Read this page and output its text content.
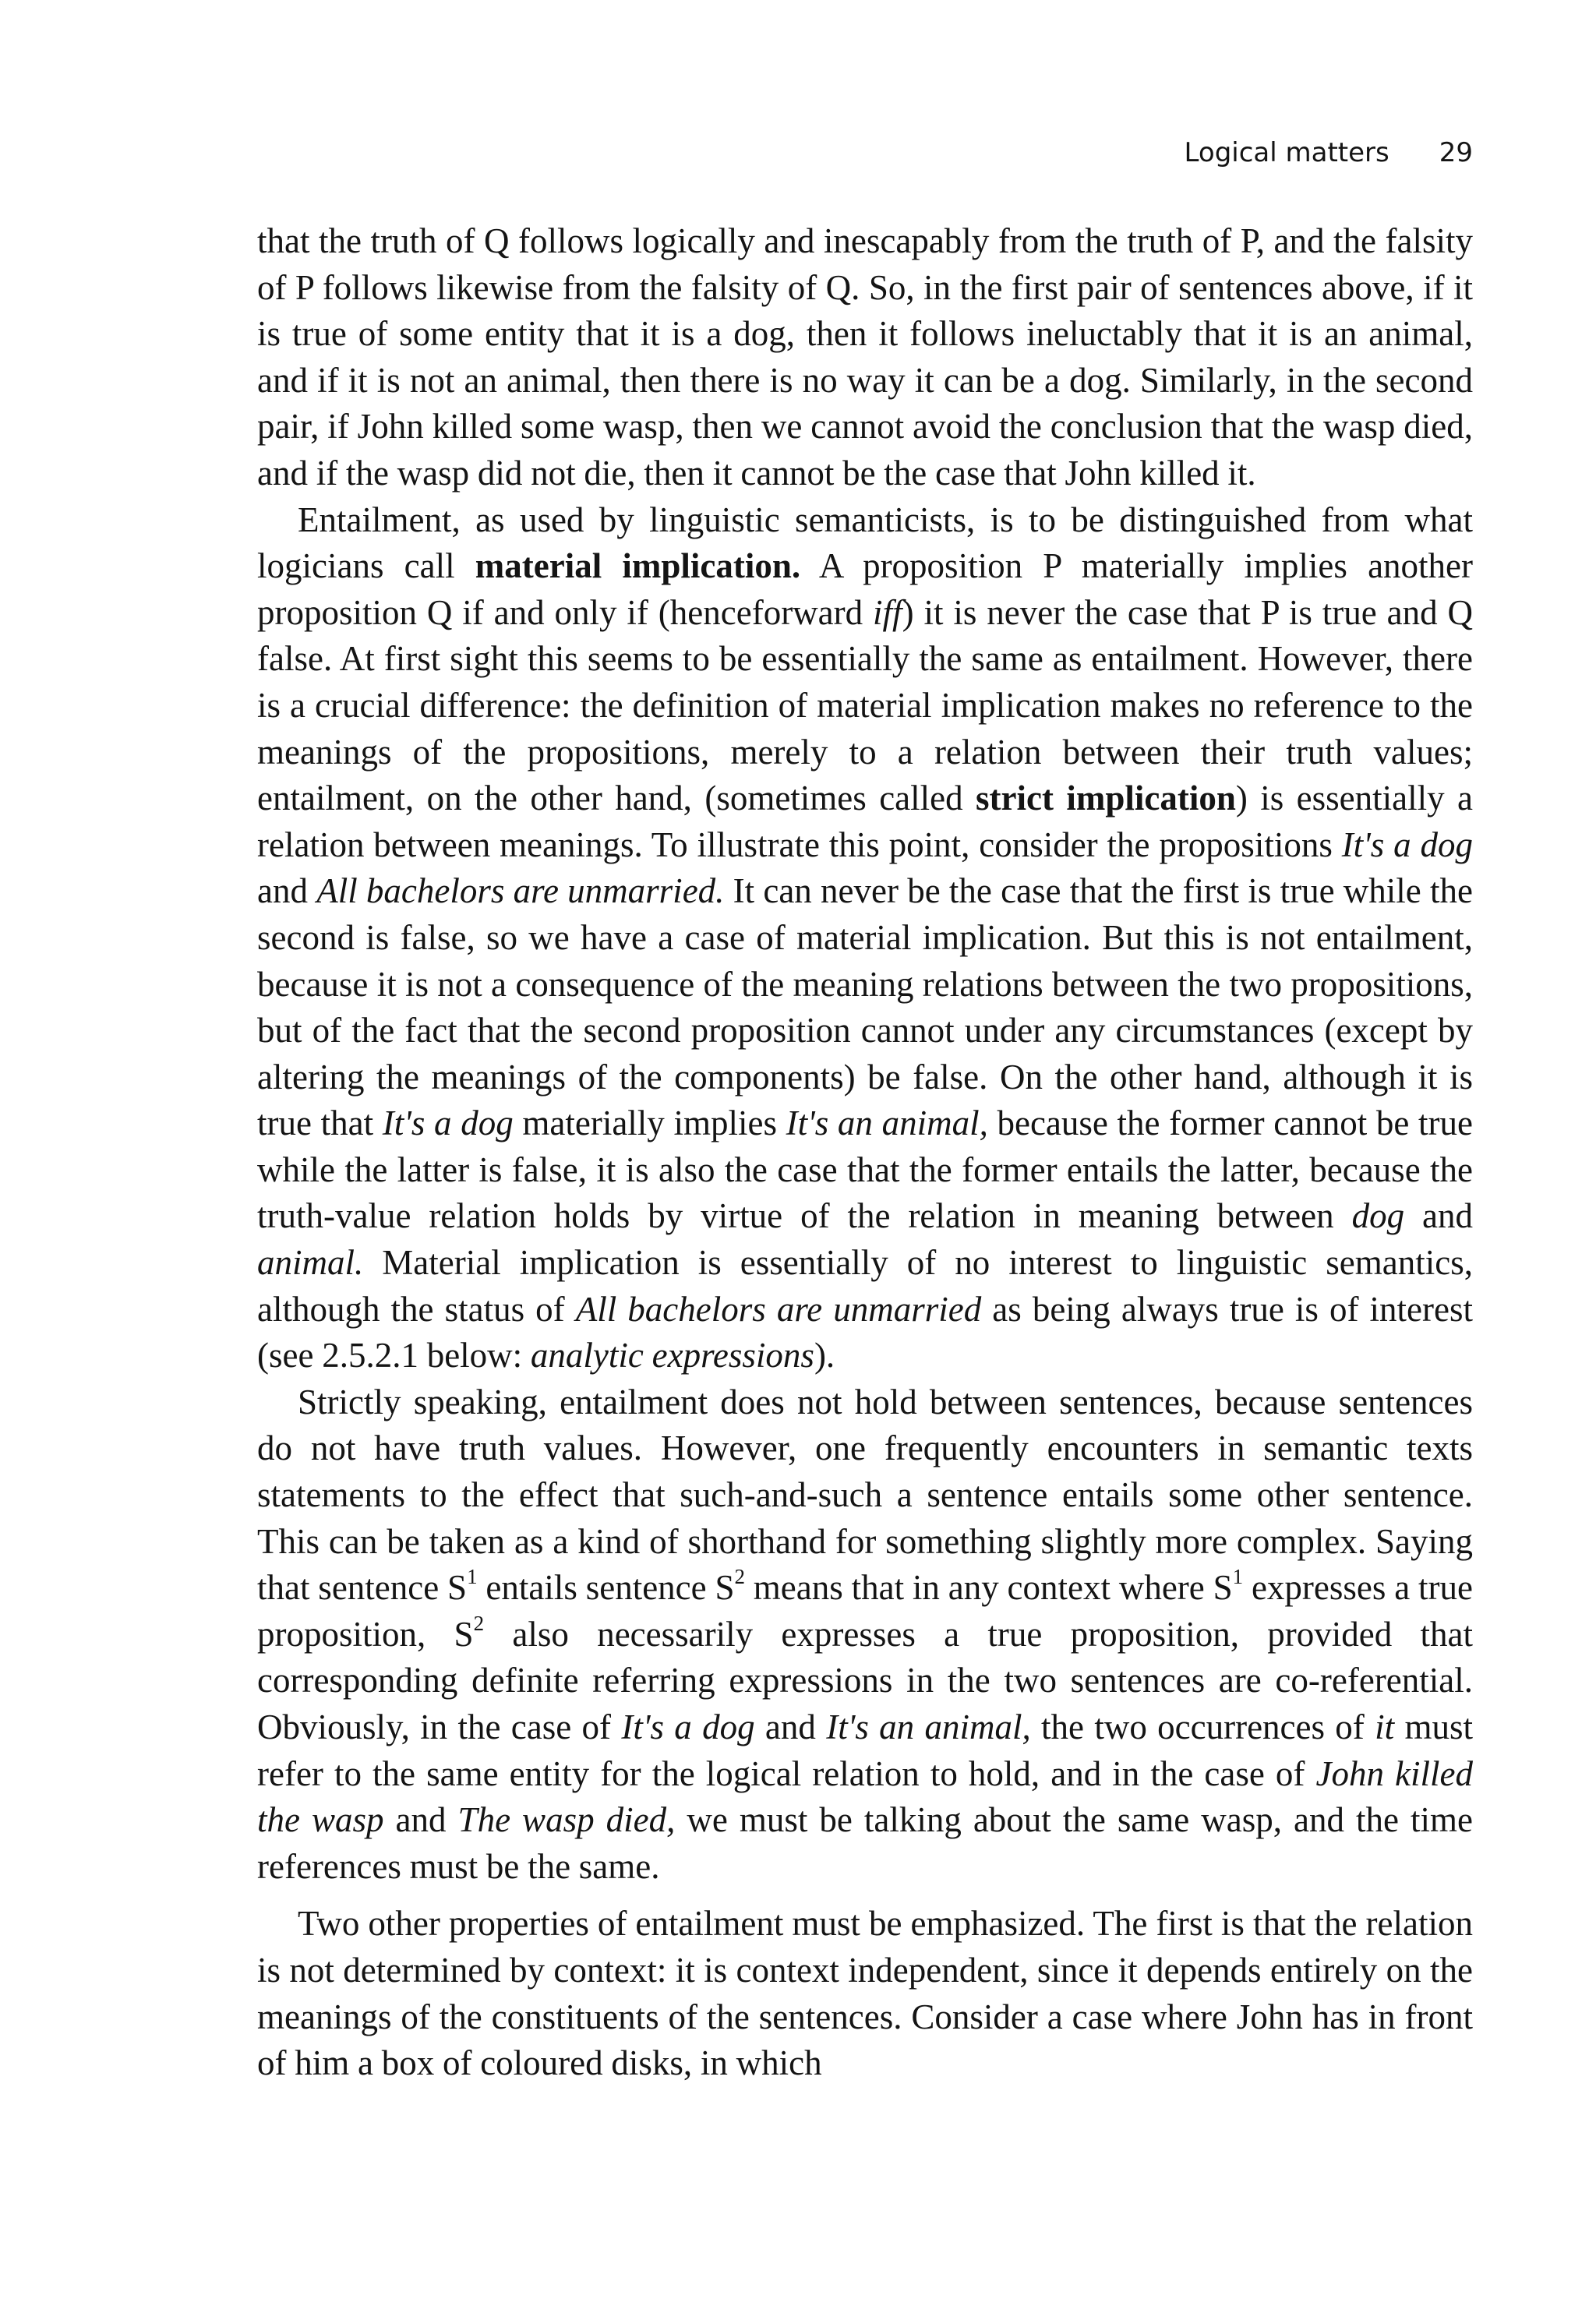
Logical matters 29

that the truth of Q follows logically and inescapably from the truth of P, and the falsity of P follows likewise from the falsity of Q. So, in the first pair of sentences above, if it is true of some entity that it is a dog, then it follows ineluctably that it is an animal, and if it is not an animal, then there is no way it can be a dog. Similarly, in the second pair, if John killed some wasp, then we cannot avoid the conclusion that the wasp died, and if the wasp did not die, then it cannot be the case that John killed it.

Entailment, as used by linguistic semanticists, is to be distinguished from what logicians call material implication. A proposition P materially implies another proposition Q if and only if (henceforward iff) it is never the case that P is true and Q false. At first sight this seems to be essentially the same as entailment. However, there is a crucial difference: the definition of material implication makes no reference to the meanings of the propositions, merely to a relation between their truth values; entailment, on the other hand, (sometimes called strict implication) is essentially a relation between meanings. To illustrate this point, consider the propositions It's a dog and All bachelors are unmarried. It can never be the case that the first is true while the second is false, so we have a case of material implication. But this is not entailment, because it is not a consequence of the meaning relations between the two propositions, but of the fact that the second proposition cannot under any circumstances (except by altering the meanings of the components) be false. On the other hand, although it is true that It's a dog materially implies It's an animal, because the former cannot be true while the latter is false, it is also the case that the former entails the latter, because the truth-value relation holds by virtue of the relation in meaning between dog and animal. Material implication is essentially of no interest to linguistic semantics, although the status of All bachelors are unmarried as being always true is of interest (see 2.5.2.1 below: analytic expressions).

Strictly speaking, entailment does not hold between sentences, because sentences do not have truth values. However, one frequently encounters in semantic texts statements to the effect that such-and-such a sentence entails some other sentence. This can be taken as a kind of shorthand for something slightly more complex. Saying that sentence $S^1$ entails sentence $S^2$ means that in any context where $S^1$ expresses a true proposition, $S^2$ also necessarily expresses a true proposition, provided that corresponding definite referring expressions in the two sentences are co-referential. Obviously, in the case of It's a dog and It's an animal, the two occurrences of it must refer to the same entity for the logical relation to hold, and in the case of John killed the wasp and The wasp died, we must be talking about the same wasp, and the time references must be the same.

Two other properties of entailment must be emphasized. The first is that the relation is not determined by context: it is context independent, since it depends entirely on the meanings of the constituents of the sentences. Consider a case where John has in front of him a box of coloured disks, in which
